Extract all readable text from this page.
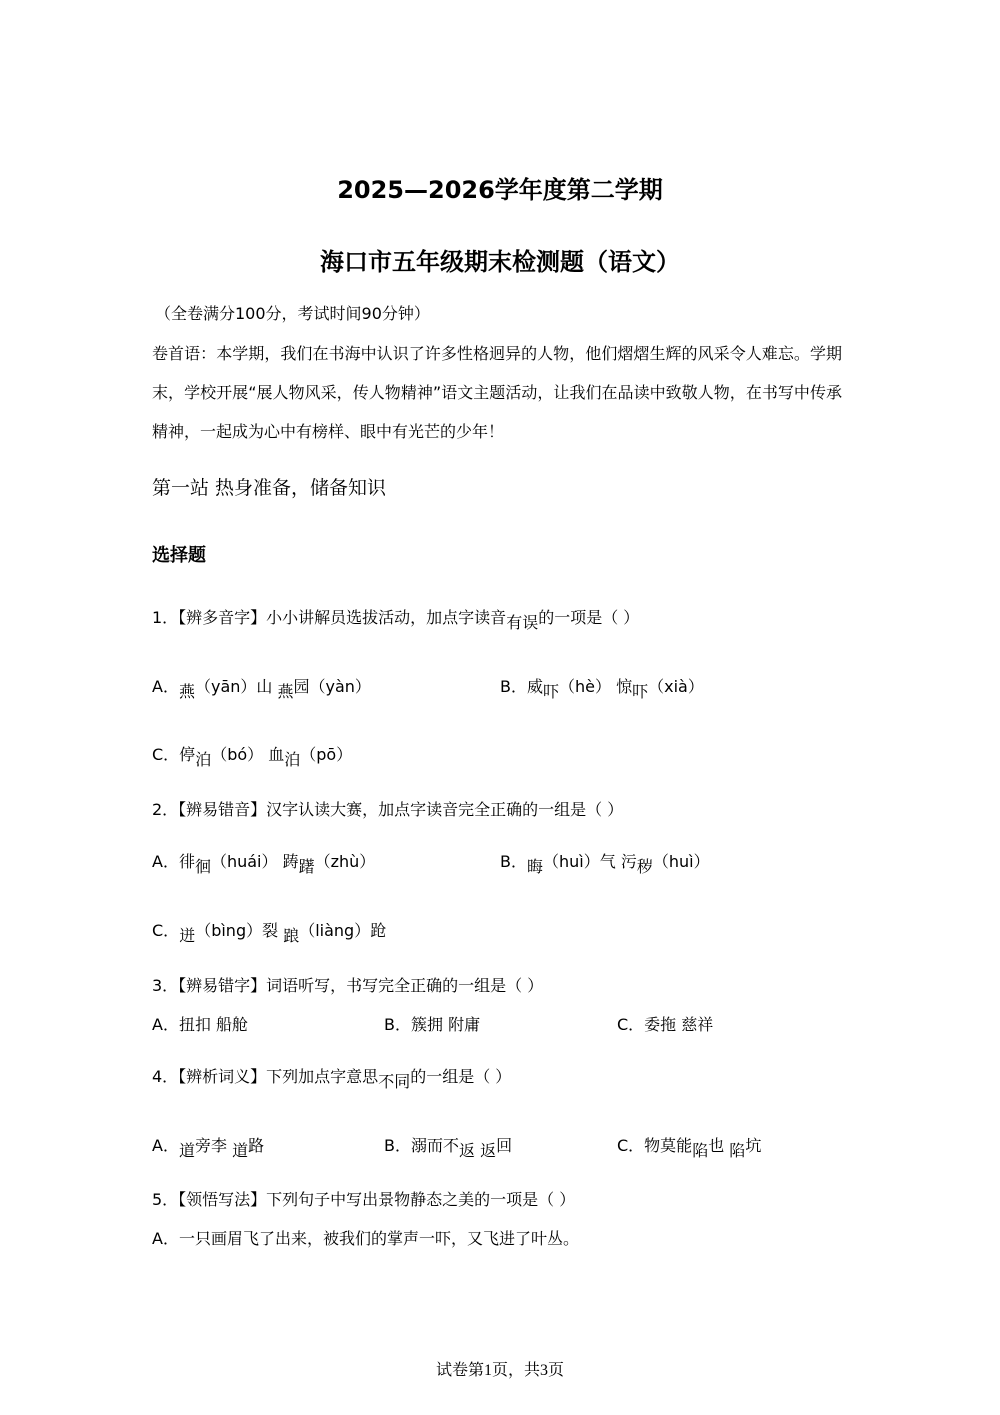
2025—2026学年度第二学期
海口市五年级期末检测题（语文）
（全卷满分100分，考试时间90分钟）
卷首语：本学期，我们在书海中认识了许多性格迥异的人物，他们熠熠生辉的风采令人难忘。学期末，学校开展“展人物风采，传人物精神”语文主题活动，让我们在品读中致敬人物，在书写中传承精神，一起成为心中有榜样、眼中有光芒的少年！
第一站 热身准备，储备知识
选择题
1．【辨多音字】小小讲解员选拔活动，加点字读音有误的一项是（ ）
A．燕（yān）山 燕园（yàn）	B．威吓（hè） 惊吓（xià）
C．停泊（bó） 血泊（pō）
2．【辨易错音】汉字认读大赛，加点字读音完全正确的一组是（ ）
A．徘徊（huái） 踌躇（zhù）	B．晦（huì）气 污秽（huì）
C．迸（bìng）裂 踉（liàng）跄
3．【辨易错字】词语听写，书写完全正确的一组是（ ）
A．扭扣 船舱	B．簇拥 附庸	C．委拖 慈祥
4．【辨析词义】下列加点字意思不同的一组是（ ）
A．道旁李 道路	B．溺而不返 返回	C．物莫能陷也 陷坑
5．【领悟写法】下列句子中写出景物静态之美的一项是（ ）
A．一只画眉飞了出来，被我们的掌声一吓，又飞进了叶丛。
试卷第1页，共3页
